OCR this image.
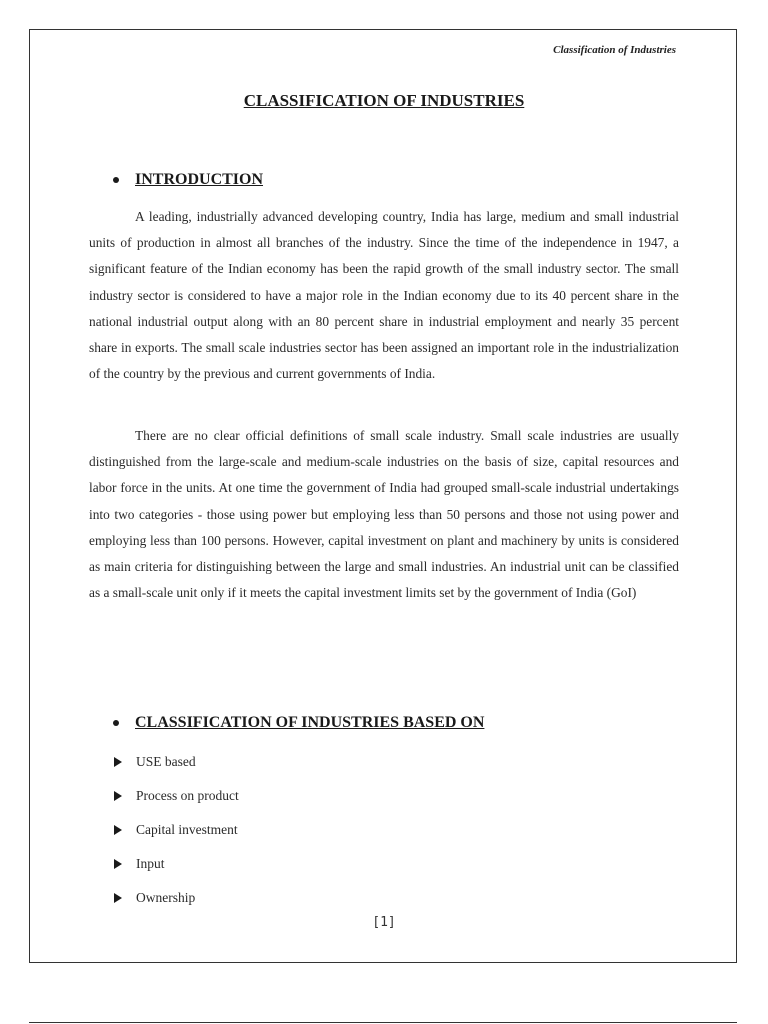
Classification of Industries
CLASSIFICATION OF INDUSTRIES
INTRODUCTION

A leading, industrially advanced developing country, India has large, medium and small industrial units of production in almost all branches of the industry. Since the time of the independence in 1947, a significant feature of the Indian economy has been the rapid growth of the small industry sector. The small industry sector is considered to have a major role in the Indian economy due to its 40 percent share in the national industrial output along with an 80 percent share in industrial employment and nearly 35 percent share in exports. The small scale industries sector has been assigned an important role in the industrialization of the country by the previous and current governments of India.

There are no clear official definitions of small scale industry. Small scale industries are usually distinguished from the large-scale and medium-scale industries on the basis of size, capital resources and labor force in the units. At one time the government of India had grouped small-scale industrial undertakings into two categories - those using power but employing less than 50 persons and those not using power and employing less than 100 persons. However, capital investment on plant and machinery by units is considered as main criteria for distinguishing between the large and small industries. An industrial unit can be classified as a small-scale unit only if it meets the capital investment limits set by the government of India (GoI)

CLASSIFICATION OF INDUSTRIES BASED ON
USE based
Process on product
Capital investment
Input
Ownership
[1]
